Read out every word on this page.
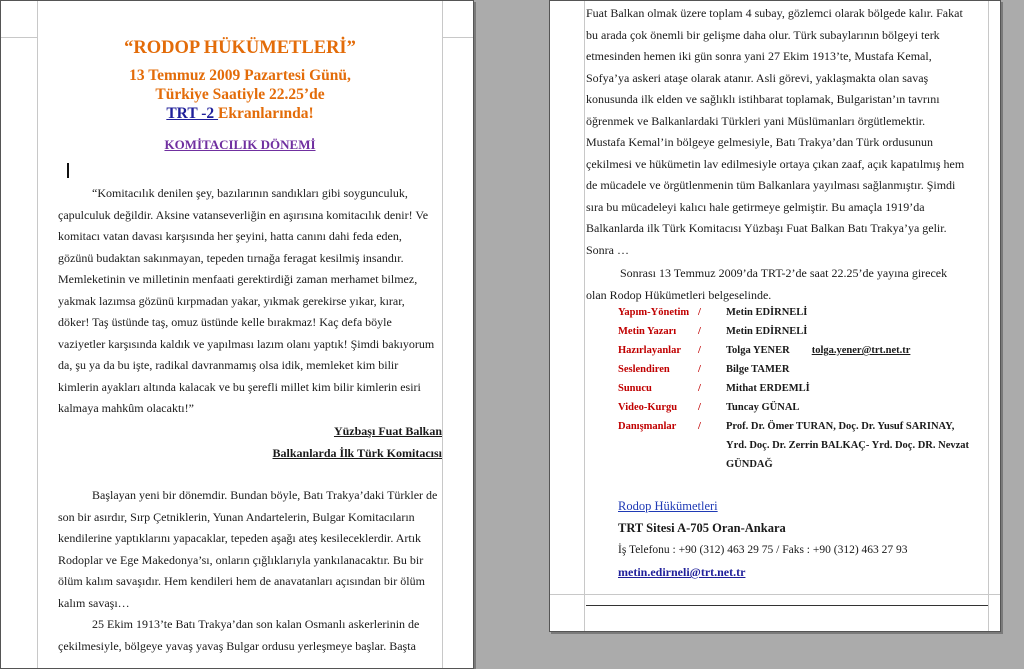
“RODOP HÜKÜMETLERİ”
13 Temmuz 2009 Pazartesi Günü,
Türkiye Saatiyle 22.25’de
TRT -2 Ekranlarında!
KOMİTACILIK DÖNEMİ

“Komitacılık denilen şey, bazılarının sandıkları gibi soygunculuk,

çapulculuk değildir. Aksine vatanseverliğin en aşırısına komitacılık denir! Ve

komitacı vatan davası karşısında her şeyini, hatta canını dahi feda eden,

gözünü budaktan sakınmayan, tepeden tırnağa feragat kesilmiş insandır.

Memleketinin ve milletinin menfaati gerektirdiği zaman merhamet bilmez,

yakmak lazımsa gözünü kırpmadan yakar, yıkmak gerekirse yıkar, kırar,

döker! Taş üstünde taş, omuz üstünde kelle bırakmaz! Kaç defa böyle

vaziyetler karşısında kaldık ve yapılması lazım olanı yaptık! Şimdi bakıyorum

da, şu ya da bu işte, radikal davranmamış olsa idik, memleket kim bilir

kimlerin ayakları altında kalacak ve bu şerefli millet kim bilir kimlerin esiri

kalmaya mahkûm olacaktı!”

Yüzbaşı Fuat Balkan
Balkanlarda İlk Türk Komitacısı

Başlayan yeni bir dönemdir. Bundan böyle, Batı Trakya’daki Türkler de

son bir asırdır, Sırp Çetniklerin, Yunan Andartelerin, Bulgar Komitacıların

kendilerine yaptıklarını yapacaklar, tepeden aşağı ateş kesileceklerdir. Artık

Rodoplar ve Ege Makedonya’sı, onların çığlıklarıyla yankılanacaktır. Bu bir

ölüm kalım savaşıdır. Hem kendileri hem de anavatanları açısından bir ölüm

kalım savaşı…

25 Ekim 1913’te Batı Trakya’dan son kalan Osmanlı askerlerinin de

çekilmesiyle, bölgeye yavaş yavaş Bulgar ordusu yerleşmeye başlar. Başta

Fuat Balkan olmak üzere toplam 4 subay, gözlemci olarak bölgede kalır. Fakat

bu arada çok önemli bir gelişme daha olur. Türk subaylarının bölgeyi terk

etmesinden hemen iki gün sonra yani 27 Ekim 1913’te, Mustafa Kemal,

Sofya’ya askeri ataşe olarak atanır. Asli görevi, yaklaşmakta olan savaş

konusunda ilk elden ve sağlıklı istihbarat toplamak, Bulgaristan’ın tavrını

öğrenmek ve Balkanlardaki Türkleri yani Müslümanları örgütlemektir.

Mustafa Kemal’in bölgeye gelmesiyle, Batı Trakya’dan Türk ordusunun

çekilmesi ve hükümetin lav edilmesiyle ortaya çıkan zaaf, açık kapatılmış hem

de mücadele ve örgütlenmenin tüm Balkanlara yayılması sağlanmıştır. Şimdi

sıra bu mücadeleyi kalıcı hale getirmeye gelmiştir. Bu amaçla 1919’da

Balkanlarda ilk Türk Komitacısı Yüzbaşı Fuat Balkan Batı Trakya’ya gelir.

Sonra …

Sonrası 13 Temmuz 2009’da TRT-2’de saat 22.25’de yayına girecek

olan Rodop Hükümetleri belgeselinde.

Yapım-Yönetim /	Metin EDİRNELİ
Metin Yazarı	/	Metin EDİRNELİ
Hazırlayanlar	/	Tolga YENER tolga.yener@trt.net.tr
Seslendiren	/	Bilge TAMER
Sunucu	/	Mithat ERDEMLİ
Video-Kurgu	/	Tuncay GÜNAL
Danışmanlar	/	Prof. Dr. Ömer TURAN, Doç. Dr. Yusuf SARINAY,
Yrd. Doç. Dr. Zerrin BALKAÇ- Yrd. Doç. DR. Nevzat
GÜNDAĞ
Rodop Hükümetleri
TRT Sitesi A-705 Oran-Ankara
İş Telefonu : +90 (312) 463 29 75 / Faks : +90 (312) 463 27 93
metin.edirneli@trt.net.tr
